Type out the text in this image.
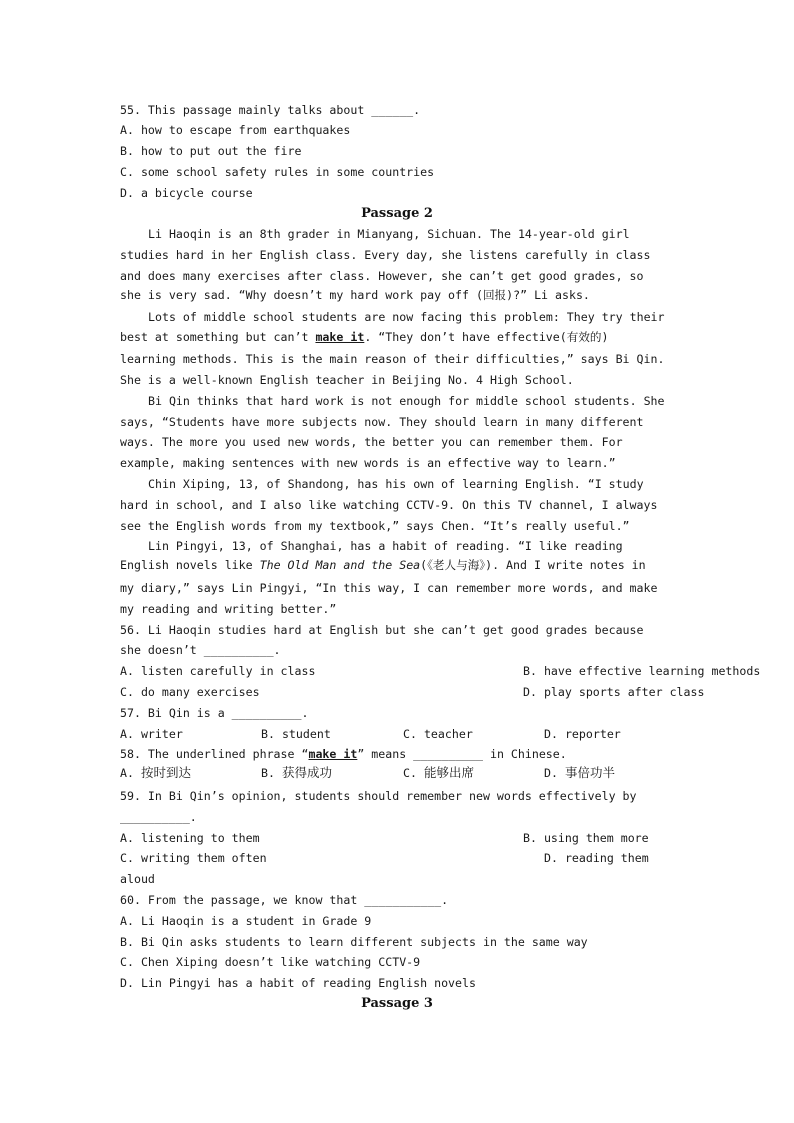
55. This passage mainly talks about ______.
A. how to escape from earthquakes
B. how to put out the fire
C. some school safety rules in some countries
D. a bicycle course
Passage 2
Li Haoqin is an 8th grader in Mianyang, Sichuan. The 14-year-old girl
studies hard in her English class. Every day, she listens carefully in class
and does many exercises after class. However, she can’t get good grades, so
she is very sad. “Why doesn’t my hard work pay off (回报)?” Li asks.
Lots of middle school students are now facing this problem: They try their
best at something but can’t make it. “They don’t have effective(有效的)
learning methods. This is the main reason of their difficulties,” says Bi Qin.
She is a well-known English teacher in Beijing No. 4 High School.
Bi Qin thinks that hard work is not enough for middle school students. She
says, “Students have more subjects now. They should learn in many different
ways. The more you used new words, the better you can remember them. For
example, making sentences with new words is an effective way to learn.”
Chin Xiping, 13, of Shandong, has his own of learning English. “I study
hard in school, and I also like watching CCTV-9. On this TV channel, I always
see the English words from my textbook,” says Chen. “It’s really useful.”
Lin Pingyi, 13, of Shanghai, has a habit of reading. “I like reading
English novels like The Old Man and the Sea(《老人与海》). And I write notes in
my diary,” says Lin Pingyi, “In this way, I can remember more words, and make
my reading and writing better.”
56. Li Haoqin studies hard at English but she can’t get good grades because
she doesn’t __________.
A. listen carefully in class	B. have effective learning methods
C. do many exercises	D. play sports after class
57. Bi Qin is a __________.
A. writer	B. student	C. teacher	D. reporter
58. The underlined phrase “make it” means __________ in Chinese.
A. 按时到达	B. 获得成功	C. 能够出席	D. 事倍功半
59. In Bi Qin’s opinion, students should remember new words effectively by
__________.
A. listening to them	B. using them more
C. writing them often	D. reading them
aloud
60. From the passage, we know that ___________.
A. Li Haoqin is a student in Grade 9
B. Bi Qin asks students to learn different subjects in the same way
C. Chen Xiping doesn’t like watching CCTV-9
D. Lin Pingyi has a habit of reading English novels
Passage 3
